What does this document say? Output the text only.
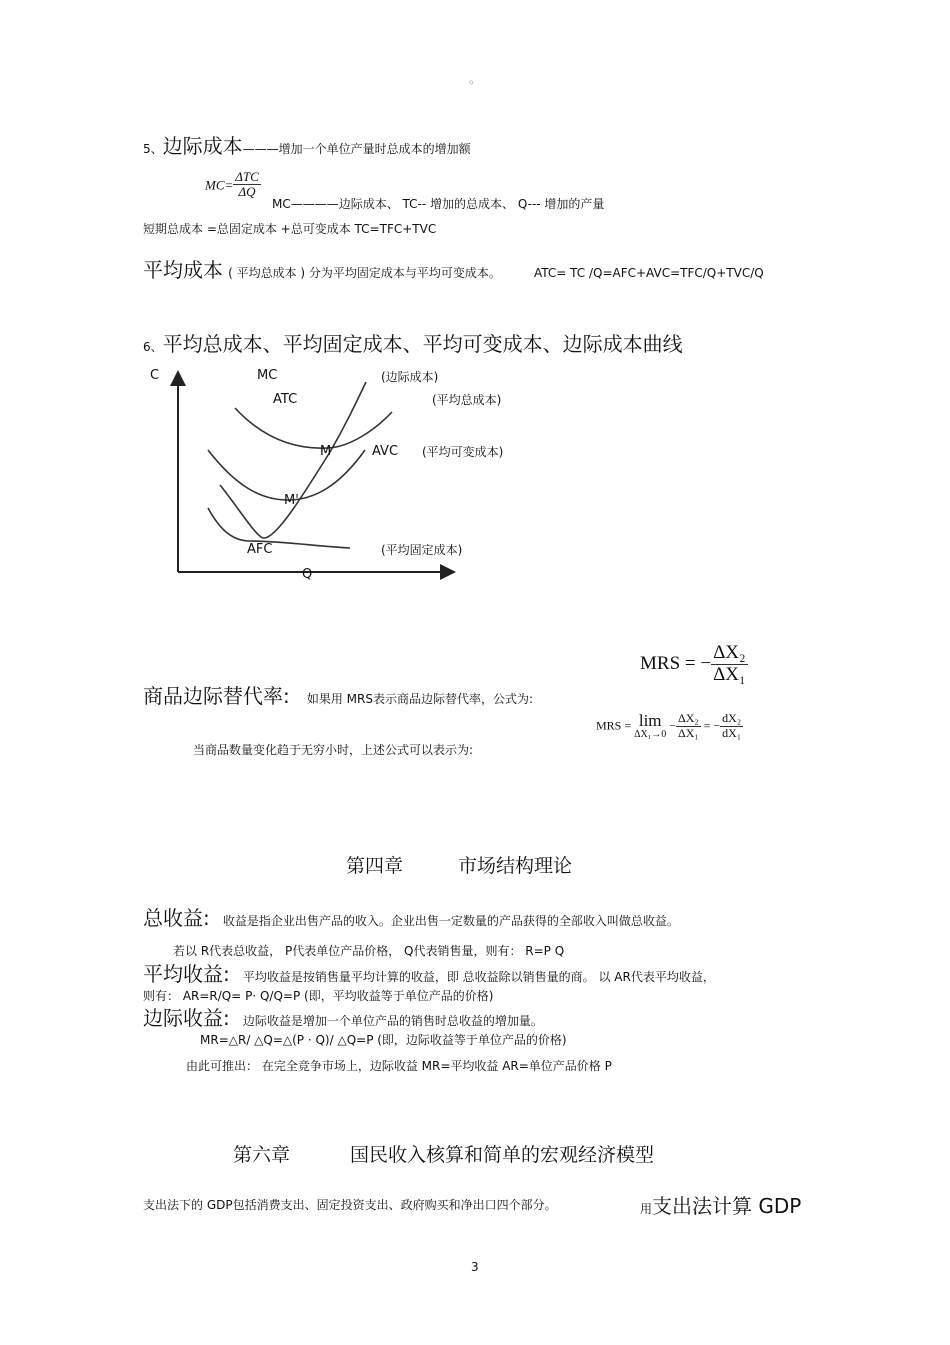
。
5、边际成本———增加一个单位产量时总成本的增加额
$MC= \frac{\text{ΔTC}}{\Delta Q}$
MC————边际成本、 TC-- 增加的总成本、 Q--- 增加的产量
短期总成本 =总固定成本 +总可变成本 TC=TFC+TVC
平均成本 ( 平均总成本 ) 分为平均固定成本与平均可变成本。	ATC= TC /Q=AFC+AVC=TFC/Q+TVC/Q
6、平均总成本、平均固定成本、平均可变成本、边际成本曲线
C
Q
MC	(边际成本)
ATC	(平均总成本)
AVC (平均可变成本)
AFC	(平均固定成本)
M
M'
商品边际替代率: 如果用 MRS表示商品边际替代率，公式为:
MRS = − $\frac{\text{ΔX₂}}{\text{ΔX₁}}$
当商品数量变化趋于无穷小时，上述公式可以表示为:
MRS = lim
ΔX₁→0
− $\frac{\text{ΔX₂}}{\text{ΔX₁}}$ = − $\frac{\text{dX₂}}{\text{dX₁}}$
第四章	市场结构理论
总收益: 收益是指企业出售产品的收入。企业出售一定数量的产品获得的全部收入叫做总收益。
若以 R代表总收益， P代表单位产品价格， Q代表销售量，则有： R=P Q
平均收益: 平均收益是按销售量平均计算的收益，即 总收益除以销售量的商。 以 AR代表平均收益，
则有： AR=R/Q= P· Q/Q=P (即，平均收益等于单位产品的价格)
边际收益: 边际收益是增加一个单位产品的销售时总收益的增加量。
MR=△R/ △Q=△(P · Q)/ △Q=P (即，边际收益等于单位产品的价格)
由此可推出： 在完全竞争市场上，边际收益 MR=平均收益 AR=单位产品价格 P
第六章	国民收入核算和简单的宏观经济模型
支出法下的 GDP包括消费支出、固定投资支出、政府购买和净出口四个部分。	用支出法计算 GDP
3
